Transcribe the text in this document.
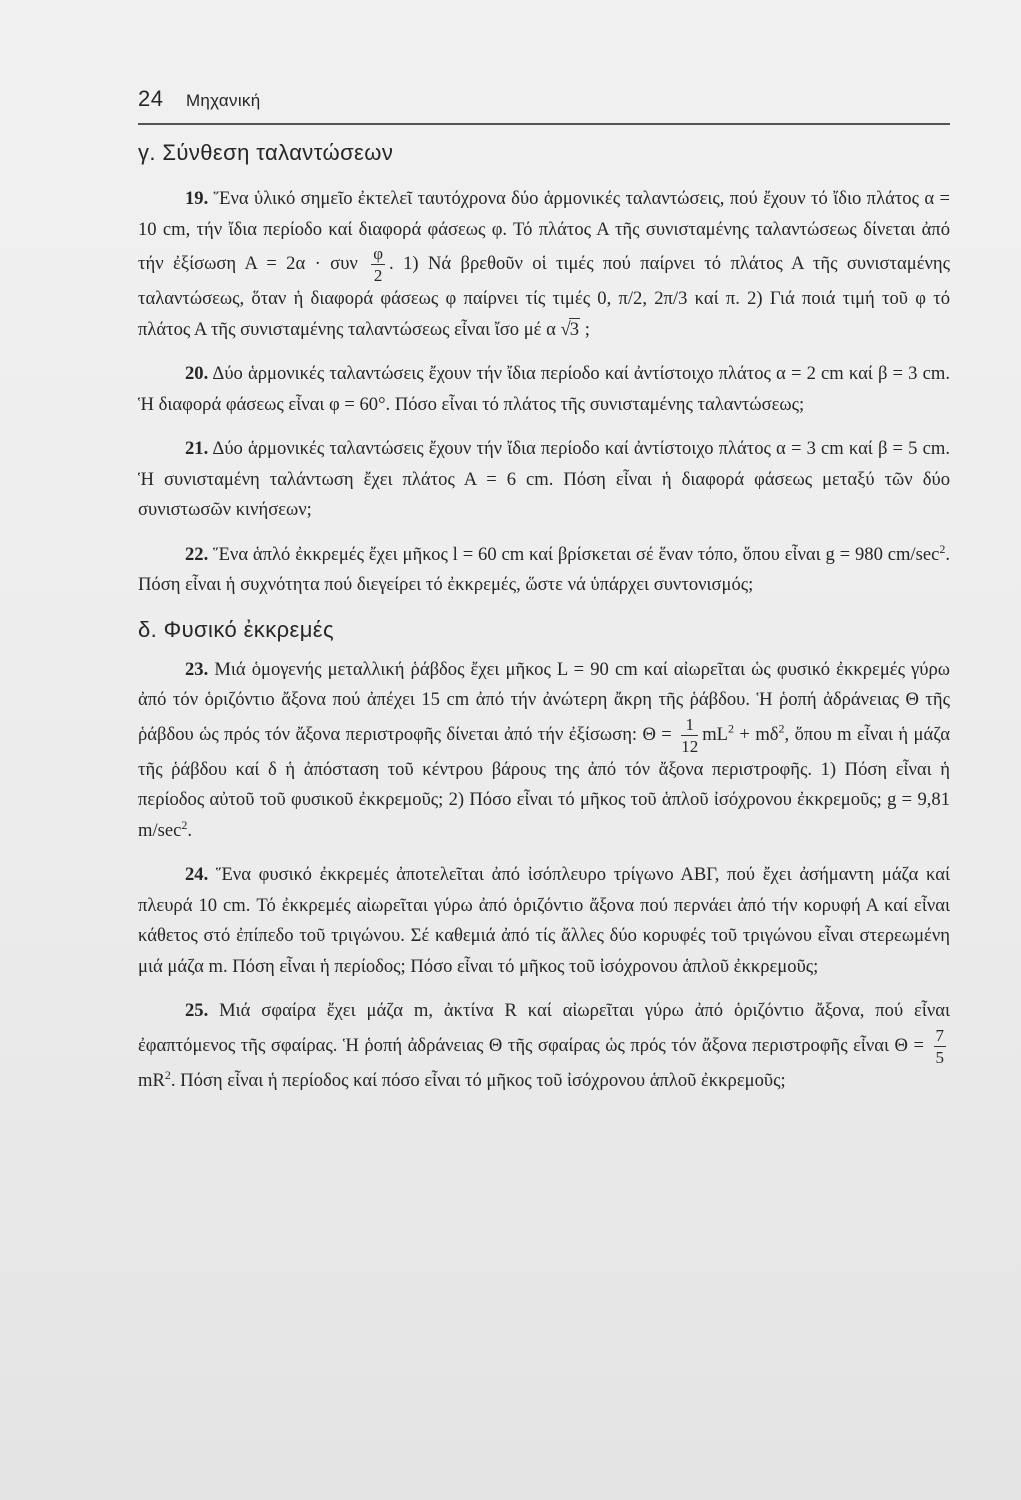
24 Μηχανική
γ. Σύνθεση ταλαντώσεων

19. Ἕνα ὑλικό σημεῖο ἐκτελεῖ ταυτόχρονα δύο ἁρμονικές ταλαντώσεις, πού ἔχουν τό ἴδιο πλάτος α = 10 cm, τήν ἴδια περίοδο καί διαφορά φάσεως φ. Τό πλάτος Α τῆς συνισταμένης ταλαντώσεως δίνεται ἀπό τήν ἐξίσωση Α = 2α · συν $\frac{\varphi}{2}$ . 1) Νά βρεθοῦν οἱ τιμές πού παίρνει τό πλάτος Α τῆς συνισταμένης ταλαντώσεως, ὅταν ἡ διαφορά φάσεως φ παίρνει τίς τιμές 0, π/2, 2π/3 καί π. 2) Γιά ποιά τιμή τοῦ φ τό πλάτος Α τῆς συνισταμένης ταλαντώσεως εἶναι ἴσο μέ α √3 ;

20. Δύο ἁρμονικές ταλαντώσεις ἔχουν τήν ἴδια περίοδο καί ἀντίστοιχο πλάτος α = 2 cm καί β = 3 cm. Ἡ διαφορά φάσεως εἶναι φ = 60°. Πόσο εἶναι τό πλάτος τῆς συνισταμένης ταλαντώσεως;

21. Δύο ἁρμονικές ταλαντώσεις ἔχουν τήν ἴδια περίοδο καί ἀντίστοιχο πλάτος α = 3 cm καί β = 5 cm. Ἡ συνισταμένη ταλάντωση ἔχει πλάτος Α = 6 cm. Πόση εἶναι ἡ διαφορά φάσεως μεταξύ τῶν δύο συνιστωσῶν κινήσεων;

22. Ἕνα ἁπλό ἐκκρεμές ἔχει μῆκος l = 60 cm καί βρίσκεται σέ ἕναν τόπο, ὅπου εἶναι g = 980 $cm/\sec^2$. Πόση εἶναι ἡ συχνότητα πού διεγείρει τό ἐκκρεμές, ὥστε νά ὑπάρχει συντονισμός;

δ. Φυσικό ἐκκρεμές

23. Μιά ὁμογενής μεταλλική ῥάβδος ἔχει μῆκος L = 90 cm καί αἰωρεῖται ὡς φυσικό ἐκκρεμές γύρω ἀπό τόν ὁριζόντιο ἄξονα πού ἀπέχει 15 cm ἀπό τήν ἀνώτερη ἄκρη τῆς ῥάβδου. Ἡ ῥοπή ἀδράνειας Θ τῆς ῥάβδου ὡς πρός τόν ἄξονα περιστροφῆς δίνεται ἀπό τήν ἐξίσωση: $\Theta = \frac{1}{12} mL^2 + m\delta^2$, ὅπου m εἶναι ἡ μάζα τῆς ῥάβδου καί δ ἡ ἀπόσταση τοῦ κέντρου βάρους της ἀπό τόν ἄξονα περιστροφῆς. 1) Πόση εἶναι ἡ περίοδος αὐτοῦ τοῦ φυσικοῦ ἐκκρεμοῦς; 2) Πόσο εἶναι τό μῆκος τοῦ ἁπλοῦ ἰσόχρονου ἐκκρεμοῦς; g = 9,81 $m/\sec^2$.

24. Ἕνα φυσικό ἐκκρεμές ἀποτελεῖται ἀπό ἰσόπλευρο τρίγωνο ΑΒΓ, πού ἔχει ἀσήμαντη μάζα καί πλευρά 10 cm. Τό ἐκκρεμές αἰωρεῖται γύρω ἀπό ὁριζόντιο ἄξονα πού περνάει ἀπό τήν κορυφή Α καί εἶναι κάθετος στό ἐπίπεδο τοῦ τριγώνου. Σέ καθεμιά ἀπό τίς ἄλλες δύο κορυφές τοῦ τριγώνου εἶναι στερεωμένη μιά μάζα m. Πόση εἶναι ἡ περίοδος; Πόσο εἶναι τό μῆκος τοῦ ἰσόχρονου ἁπλοῦ ἐκκρεμοῦς;

25. Μιά σφαίρα ἔχει μάζα m, ἀκτίνα R καί αἰωρεῖται γύρω ἀπό ὁριζόντιο ἄξονα, πού εἶναι ἐφαπτόμενος τῆς σφαίρας. Ἡ ῥοπή ἀδράνειας Θ τῆς σφαίρας ὡς πρός τόν ἄξονα περιστροφῆς εἶναι $\Theta = \frac{7}{5}$
$mR^2$. Πόση εἶναι ἡ περίοδος καί πόσο εἶναι τό μῆκος τοῦ ἰσόχρονου ἁπλοῦ ἐκκρεμοῦς;
